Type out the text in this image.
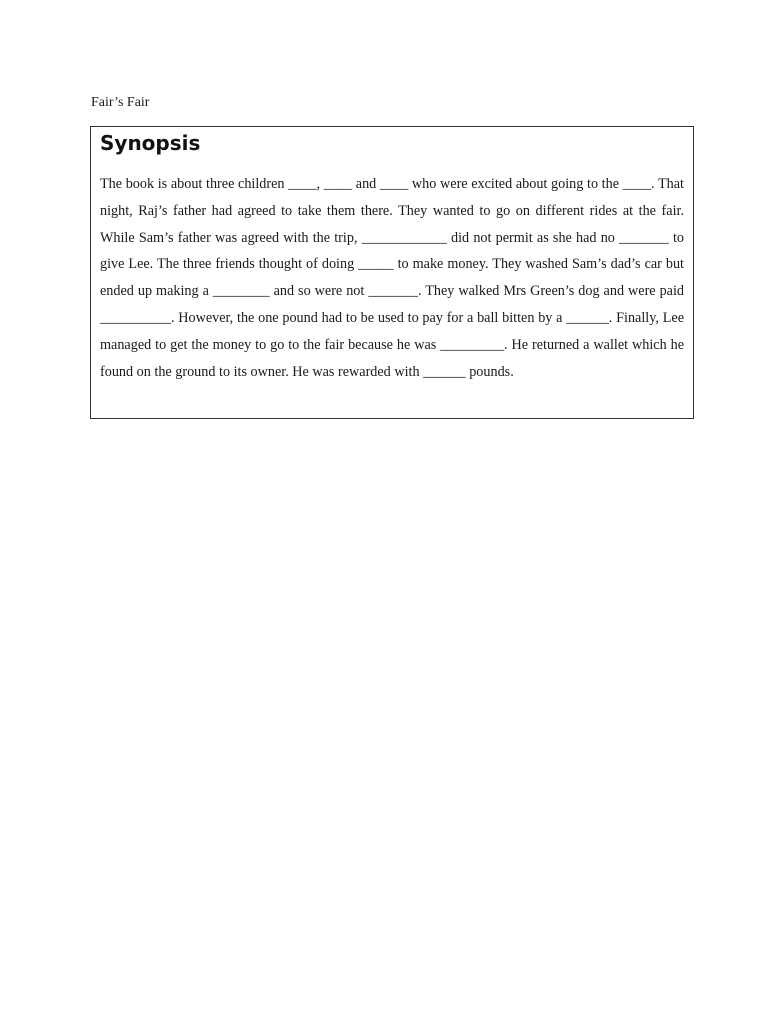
Fair’s Fair

Synopsis

The book is about three children ____, ____ and ____ who were excited about going to the ____. That night, Raj’s father had agreed to take them there. They wanted to go on different rides at the fair. While Sam’s father was agreed with the trip, ____________ did not permit as she had no _______ to give Lee. The three friends thought of doing _____ to make money. They washed Sam’s dad’s car but ended up making a ________ and so were not _______. They walked Mrs Green’s dog and were paid __________. However, the one pound had to be used to pay for a ball bitten by a ______. Finally, Lee managed to get the money to go to the fair because he was _________. He returned a wallet which he found on the ground to its owner. He was rewarded with ______ pounds.
